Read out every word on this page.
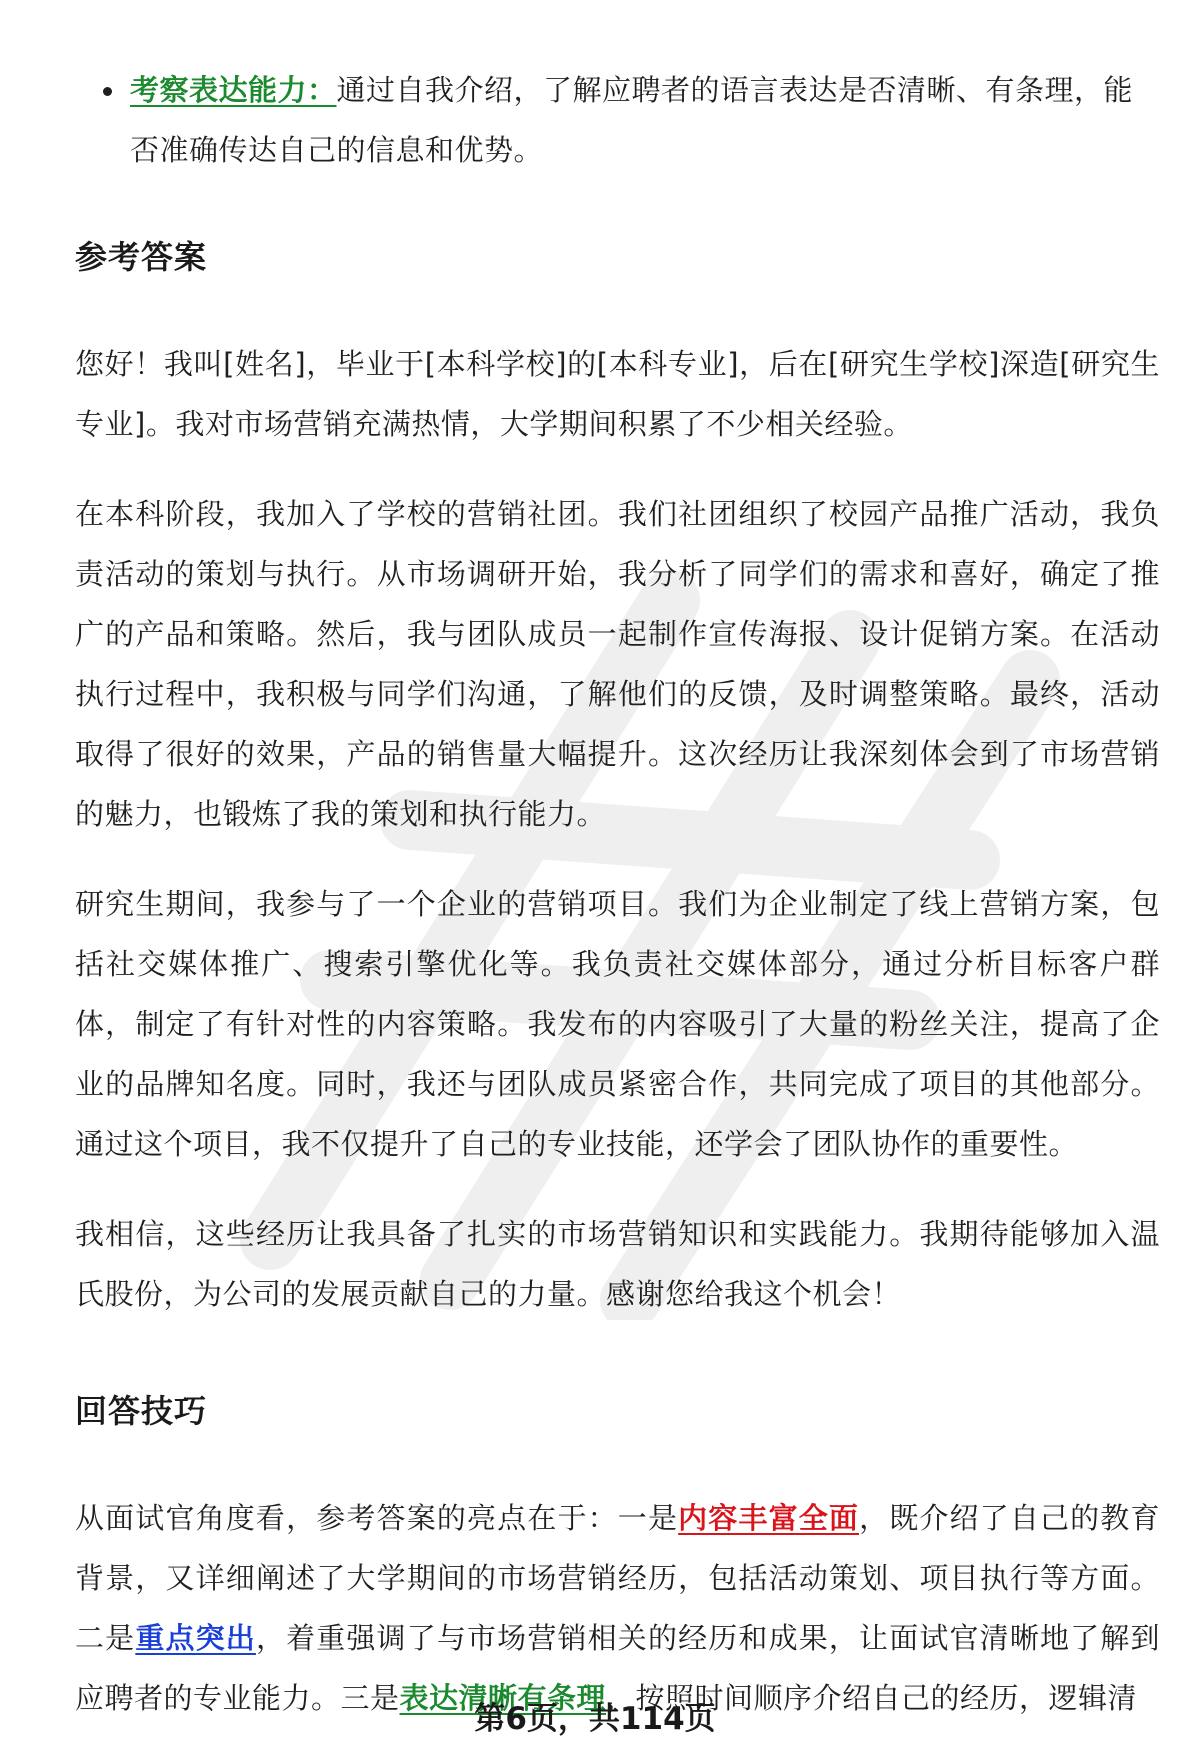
考察表达能力：通过自我介绍，了解应聘者的语言表达是否清晰、有条理，能否准确传达自己的信息和优势。
参考答案

您好！我叫[姓名]，毕业于[本科学校]的[本科专业]，后在[研究生学校]深造[研究生专业]。我对市场营销充满热情，大学期间积累了不少相关经验。

在本科阶段，我加入了学校的营销社团。我们社团组织了校园产品推广活动，我负责活动的策划与执行。从市场调研开始，我分析了同学们的需求和喜好，确定了推广的产品和策略。然后，我与团队成员一起制作宣传海报、设计促销方案。在活动执行过程中，我积极与同学们沟通，了解他们的反馈，及时调整策略。最终，活动取得了很好的效果，产品的销售量大幅提升。这次经历让我深刻体会到了市场营销的魅力，也锻炼了我的策划和执行能力。

研究生期间，我参与了一个企业的营销项目。我们为企业制定了线上营销方案，包括社交媒体推广、搜索引擎优化等。我负责社交媒体部分，通过分析目标客户群体，制定了有针对性的内容策略。我发布的内容吸引了大量的粉丝关注，提高了企业的品牌知名度。同时，我还与团队成员紧密合作，共同完成了项目的其他部分。通过这个项目，我不仅提升了自己的专业技能，还学会了团队协作的重要性。

我相信，这些经历让我具备了扎实的市场营销知识和实践能力。我期待能够加入温氏股份，为公司的发展贡献自己的力量。感谢您给我这个机会！

回答技巧

从面试官角度看，参考答案的亮点在于：一是内容丰富全面，既介绍了自己的教育背景，又详细阐述了大学期间的市场营销经历，包括活动策划、项目执行等方面。二是重点突出，着重强调了与市场营销相关的经历和成果，让面试官清晰地了解到应聘者的专业能力。三是表达清晰有条理，按照时间顺序介绍自己的经历，逻辑清

第6页，共114页
